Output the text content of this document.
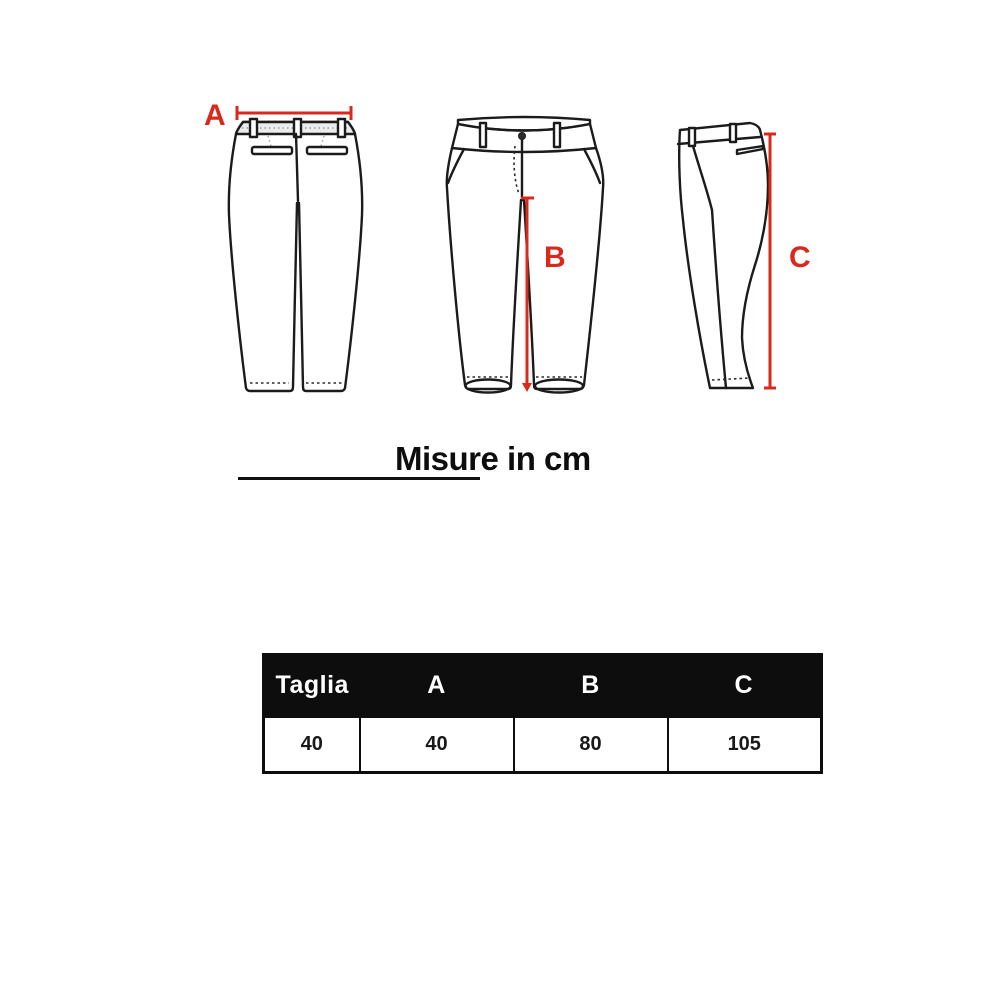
A
B	C
Misure in cm
Taglia	A	B	C
40	40	80	105
